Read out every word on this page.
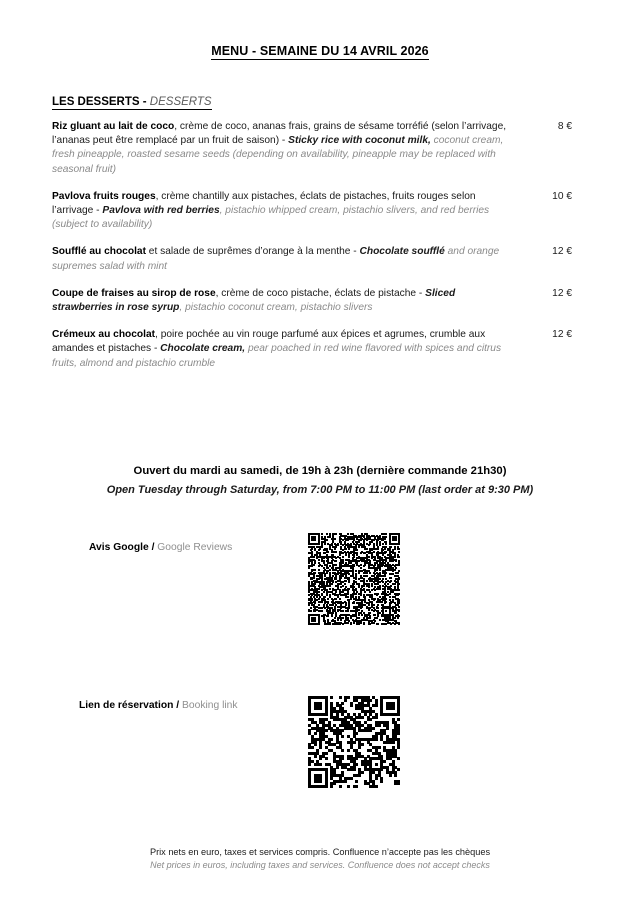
MENU - SEMAINE DU 14 AVRIL 2026
LES DESSERTS - DESSERTS
Riz gluant au lait de coco, crème de coco, ananas frais, grains de sésame torréfié (selon l’arrivage, l’ananas peut être remplacé par un fruit de saison) - Sticky rice with coconut milk, coconut cream, fresh pineapple, roasted sesame seeds (depending on availability, pineapple may be replaced with seasonal fruit)
8 €
Pavlova fruits rouges, crème chantilly aux pistaches, éclats de pistaches, fruits rouges selon l’arrivage - Pavlova with red berries, pistachio whipped cream, pistachio slivers, and red berries (subject to availability)
10 €
Soufflé au chocolat et salade de suprêmes d’orange à la menthe - Chocolate soufflé and orange supremes salad with mint
12 €
Coupe de fraises au sirop de rose, crème de coco pistache, éclats de pistache - Sliced strawberries in rose syrup, pistachio coconut cream, pistachio slivers
12 €
Crémeux au chocolat, poire pochée au vin rouge parfumé aux épices et agrumes, crumble aux amandes et pistaches - Chocolate cream, pear poached in red wine flavored with spices and citrus fruits, almond and pistachio crumble
12 €
Ouvert du mardi au samedi, de 19h à 23h (dernière commande 21h30)
Open Tuesday through Saturday, from 7:00 PM to 11:00 PM (last order at 9:30 PM)
Avis Google / Google Reviews
Lien de réservation / Booking link
Prix nets en euro, taxes et services compris. Confluence n’accepte pas les chèques
Net prices in euros, including taxes and services. Confluence does not accept checks
